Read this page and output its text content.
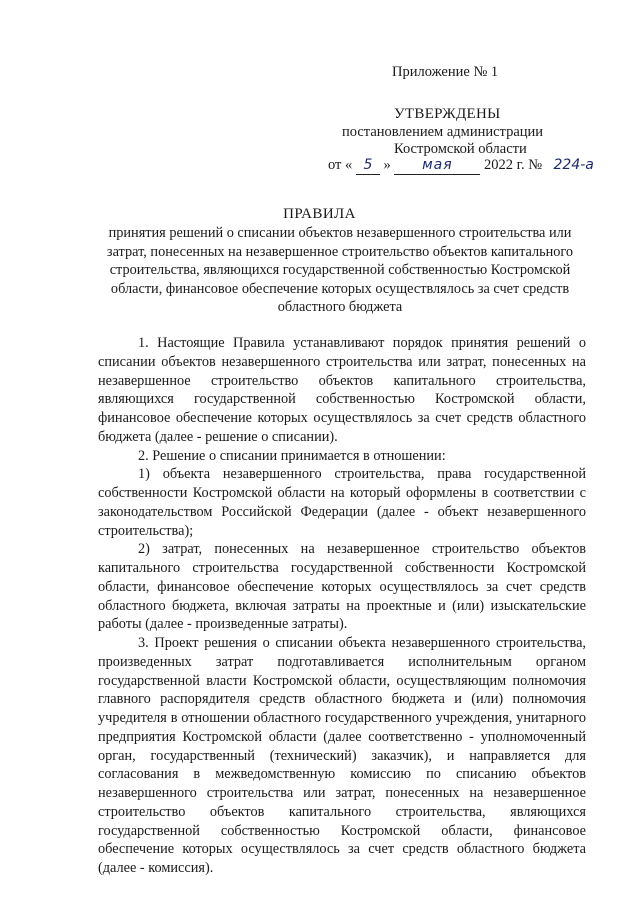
Приложение № 1
УТВЕРЖДЕНЫ
постановлением администрации
Костромской области
от « 5 » мая 2022 г. № 224-а
ПРАВИЛА
принятия решений о списании объектов незавершенного строительства или затрат, понесенных на незавершенное строительство объектов капитального строительства, являющихся государственной собственностью Костромской области, финансовое обеспечение которых осуществлялось за счет средств областного бюджета

1. Настоящие Правила устанавливают порядок принятия решений о списании объектов незавершенного строительства или затрат, понесенных на незавершенное строительство объектов капитального строительства, являющихся государственной собственностью Костромской области, финансовое обеспечение которых осуществлялось за счет средств областного бюджета (далее - решение о списании).

2. Решение о списании принимается в отношении:

1) объекта незавершенного строительства, права государственной собственности Костромской области на который оформлены в соответствии с законодательством Российской Федерации (далее - объект незавершенного строительства);

2) затрат, понесенных на незавершенное строительство объектов капитального строительства государственной собственности Костромской области, финансовое обеспечение которых осуществлялось за счет средств областного бюджета, включая затраты на проектные и (или) изыскательские работы (далее - произведенные затраты).

3. Проект решения о списании объекта незавершенного строительства, произведенных затрат подготавливается исполнительным органом государственной власти Костромской области, осуществляющим полномочия главного распорядителя средств областного бюджета и (или) полномочия учредителя в отношении областного государственного учреждения, унитарного предприятия Костромской области (далее соответственно - уполномоченный орган, государственный (технический) заказчик), и направляется для согласования в межведомственную комиссию по списанию объектов незавершенного строительства или затрат, понесенных на незавершенное строительство объектов капитального строительства, являющихся государственной собственностью Костромской области, финансовое обеспечение которых осуществлялось за счет средств областного бюджета (далее - комиссия).
